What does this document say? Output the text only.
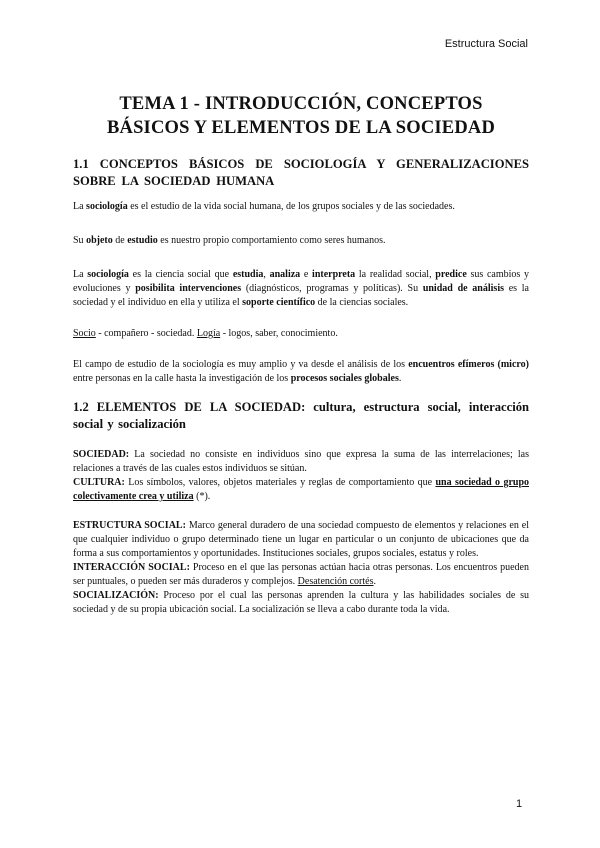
Estructura Social
TEMA 1 - INTRODUCCIÓN, CONCEPTOS
BÁSICOS Y ELEMENTOS DE LA SOCIEDAD
1.1 CONCEPTOS BÁSICOS DE SOCIOLOGÍA Y GENERALIZACIONES SOBRE LA SOCIEDAD HUMANA

La sociología es el estudio de la vida social humana, de los grupos sociales y de las sociedades.

Su objeto de estudio es nuestro propio comportamiento como seres humanos.

La sociología es la ciencia social que estudia, analiza e interpreta la realidad social, predice sus cambios y evoluciones y posibilita intervenciones (diagnósticos, programas y políticas). Su unidad de análisis es la sociedad y el individuo en ella y utiliza el soporte científico de la ciencias sociales.

Socio - compañero - sociedad. Logía - logos, saber, conocimiento.

El campo de estudio de la sociología es muy amplio y va desde el análisis de los encuentros efímeros (micro) entre personas en la calle hasta la investigación de los procesos sociales globales.

1.2 ELEMENTOS DE LA SOCIEDAD: cultura, estructura social, interacción social y socialización

SOCIEDAD: La sociedad no consiste en individuos sino que expresa la suma de las interrelaciones; las relaciones a través de las cuales estos individuos se sitúan.

CULTURA: Los símbolos, valores, objetos materiales y reglas de comportamiento que una sociedad o grupo colectivamente crea y utiliza (*).

ESTRUCTURA SOCIAL: Marco general duradero de una sociedad compuesto de elementos y relaciones en el que cualquier individuo o grupo determinado tiene un lugar en particular o un conjunto de ubicaciones que da forma a sus comportamientos y oportunidades. Instituciones sociales, grupos sociales, estatus y roles.

INTERACCIÓN SOCIAL: Proceso en el que las personas actúan hacia otras personas. Los encuentros pueden ser puntuales, o pueden ser más duraderos y complejos. Desatención cortés.

SOCIALIZACIÓN: Proceso por el cual las personas aprenden la cultura y las habilidades sociales de su sociedad y de su propia ubicación social. La socialización se lleva a cabo durante toda la vida.

1
